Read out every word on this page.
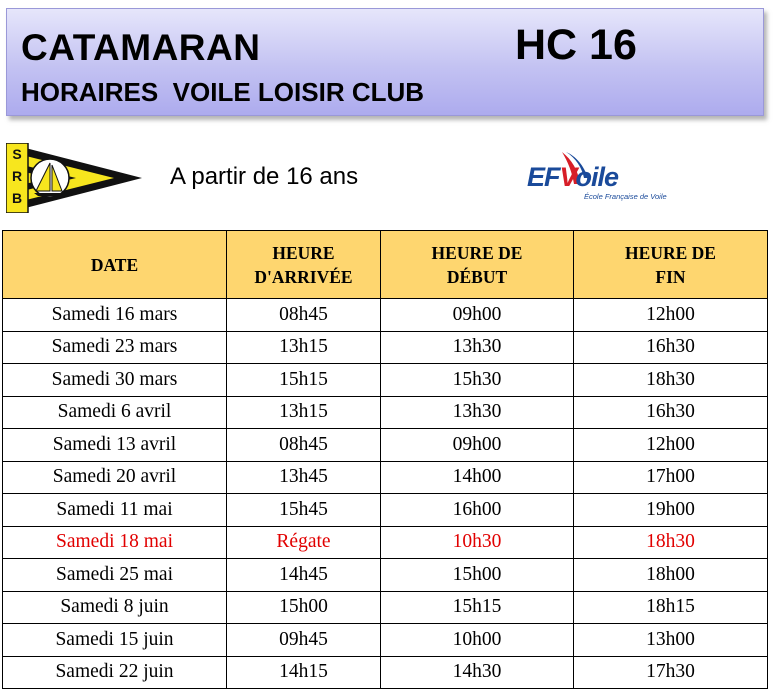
CATAMARAN	HC 16
HORAIRES  VOILE LOISIR CLUB
S
R
B
A partir de 16 ans	EFVoile
École Française de Voile
DATE	HEURE D'ARRIVÉE	HEURE DE DÉBUT	HEURE DE FIN
Samedi 16 mars	08h45	09h00	12h00
Samedi 23 mars	13h15	13h30	16h30
Samedi 30 mars	15h15	15h30	18h30
Samedi 6 avril	13h15	13h30	16h30
Samedi 13 avril	08h45	09h00	12h00
Samedi 20 avril	13h45	14h00	17h00
Samedi 11 mai	15h45	16h00	19h00
Samedi 18 mai	Régate	10h30	18h30
Samedi 25 mai	14h45	15h00	18h00
Samedi 8 juin	15h00	15h15	18h15
Samedi 15 juin	09h45	10h00	13h00
Samedi 22 juin	14h15	14h30	17h30
